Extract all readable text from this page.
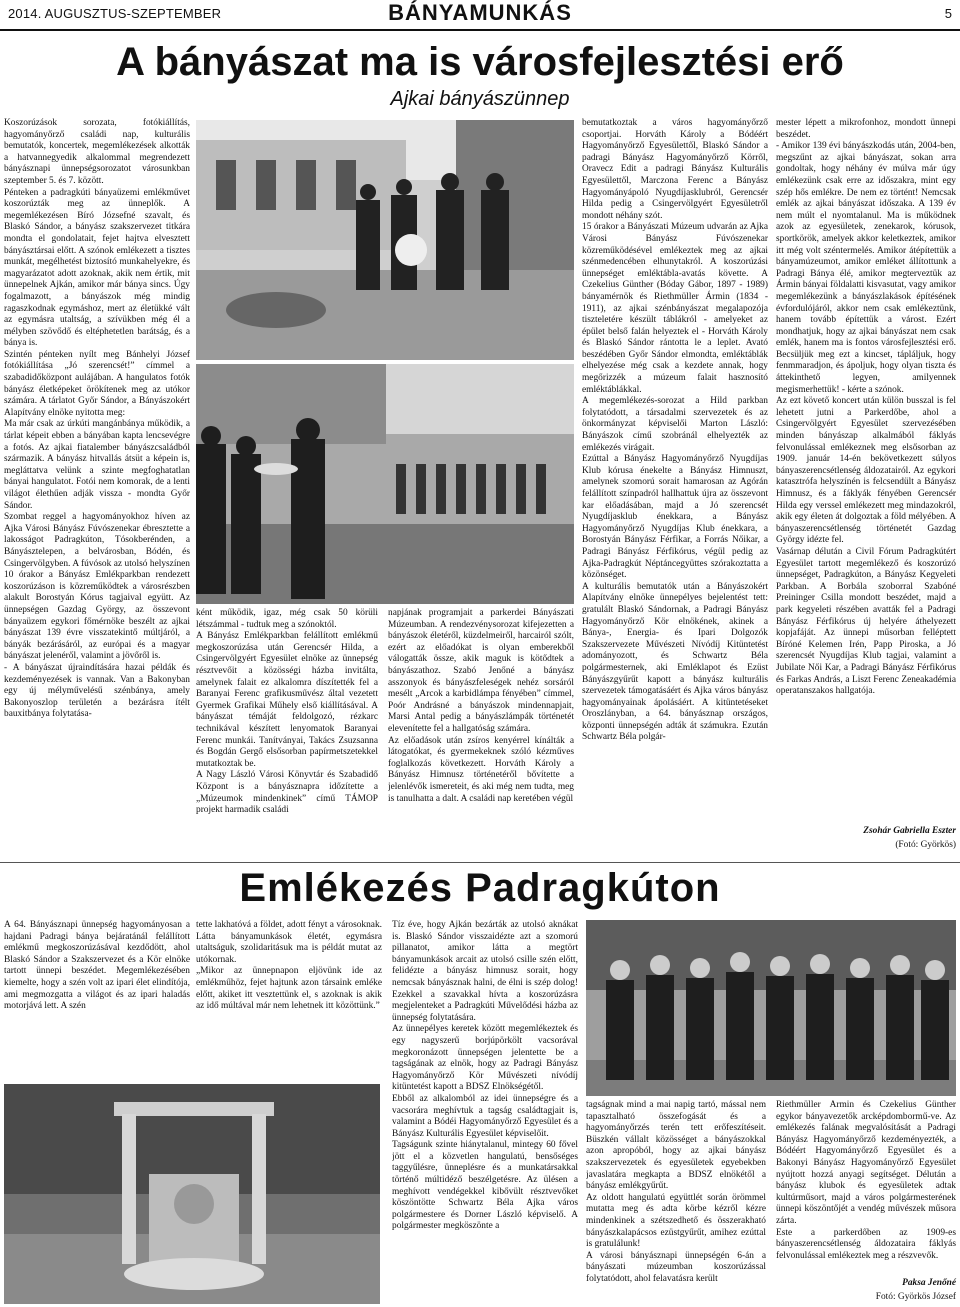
2014. AUGUSZTUS-SZEPTEMBER	BÁNYAMUNKÁS	5
A bányászat ma is városfejlesztési erő
Ajkai bányászünnep
Koszorúzások sorozata, fotókiállítás, hagyományőrző családi nap, kulturális bemutatók, koncertek, megemlékezések alkották a hatvannegyedik alkalommal megrendezett bányásznapi ünnepségsorozatot városunkban szeptember 5. és 7. között.
Pénteken a padragkúti bányaüzemi emlékművet koszorúzták meg az ünneplők. A megemlékezésen Bíró Józsefné szavalt, és Blaskó Sándor, a bányász szakszervezet titkára mondta el gondolatait, fejet hajtva elvesztett bányásztársai előtt. A szónok emlékezett a tisztes munkát, megélhetést biztosító munkahelyekre, és magyarázatot adott azoknak, akik nem értik, mit ünnepelnek Ajkán, amikor már bánya sincs. Úgy fogalmazott, a bányászok még mindig ragaszkodnak egymáshoz, mert az életükké vált az egymásra utaltság, a szívükben még él a mélyben szövődő és eltéphetetlen barátság, és a bánya is.
Szintén pénteken nyílt meg Bánhelyi József fotókiállítása „Jó szerencsét!” címmel a szabadidőközpont aulájában. A hangulatos fotók bányász életképeket örökítenek meg az utókor számára. A tárlatot Győr Sándor, a Bányászokért Alapítvány elnöke nyitotta meg:
Ma már csak az úrkúti mangánbánya működik, a tárlat képeit ebben a bányában kapta lencsevégre a fotós. Az ajkai fiatalember bányászcsaládból származik. A bányász hitvallás átsüt a képein is, megláttatva velünk a szinte megfoghatatlan bányai hangulatot. Fotói nem komorak, de a lenti világot élethűen adják vissza - mondta Győr Sándor.
Szombat reggel a hagyományokhoz híven az Ajka Városi Bányász Fúvószenekar ébresztette a lakosságot Padragkúton, Tósokberénden, a Bányásztelepen, a belvárosban, Bódén, és Csingervölgyben. A fúvósok az utolsó helyszínen 10 órakor a Bányász Emlékparkban rendezett koszorúzáson is közreműködtek a városrészben alakult Borostyán Kórus tagjaival együtt. Az ünnepségen Gazdag György, az összevont bányaüzem egykori főmérnöke beszélt az ajkai bányászat 139 évre visszatekintő múltjáról, a bányák bezárásáról, az európai és a magyar bányászat jelenéről, valamint a jövőről is.
- A bányászat újraindítására hazai példák és kezdeményezések is vannak. Van a Bakonyban egy új mélyművelésű szénbánya, amely Bakonyoszlop területén a bezárásra ítélt bauxitbánya folytatása-
ként működik, igaz, még csak 50 körüli létszámmal - tudtuk meg a szónoktól.
A Bányász Emlékparkban felállított emlékmű megkoszorúzása után Gerencsér Hilda, a Csingervölgyért Egyesület elnöke az ünnepség résztvevőit a közösségi házba invitálta, amelynek falait ez alkalomra díszítették fel a Baranyai Ferenc grafikusművész által vezetett Gyermek Grafikai Műhely első kiállításával. A bányászat témáját feldolgozó, rézkarc technikával készített lenyomatok Baranyai Ferenc munkái. Tanítványai, Takács Zsuzsanna és Bogdán Gergő elsősorban papírmetszetekkel mutatkoztak be.
A Nagy László Városi Könyvtár és Szabadidő Központ is a bányásznapra időzítette a „Múzeumok mindenkinek” című TÁMOP projekt harmadik családi
napjának programjait a parkerdei Bányászati Múzeumban. A rendezvénysorozat kifejezetten a bányászok életéről, küzdelmeiről, harcairól szólt, ezért az előadókat is olyan emberekből válogatták össze, akik maguk is kötődtek a bányászathoz. Szabó Jenőné a bányász asszonyok és bányászfeleségek nehéz sorsáról mesélt „Arcok a karbidlámpa fényében” címmel, Poór Andrásné a bányászok mindennapjait, Marsi Antal pedig a bányászlámpák történetét elevenítette fel a hallgatóság számára.
Az előadások után zsíros kenyérrel kínálták a látogatókat, és gyermekeknek szóló kézműves foglalkozás következett. Horváth Károly a Bányász Himnusz történetéről bővítette a jelenlévők ismereteit, és aki még nem tudta, meg is tanulhatta a dalt. A családi nap keretében végül
bemutatkoztak a város hagyományőrző csoportjai. Horváth Károly a Bódéért Hagyományőrző Egyesülettől, Blaskó Sándor a padragi Bányász Hagyományőrző Körről, Oravecz Edit a padragi Bányász Kulturális Egyesülettől, Marczona Ferenc a Bányász Hagyományápoló Nyugdíjasklubról, Gerencsér Hilda pedig a Csingervölgyért Egyesületről mondott néhány szót.
15 órakor a Bányászati Múzeum udvarán az Ajka Városi Bányász Fúvószenekar közreműködésével emlékeztek meg az ajkai szénmedencében elhunytakról. A koszorúzási ünnepséget emléktábla-avatás követte. A Czekelius Günther (Bóday Gábor, 1897 - 1989) bányamérnök és Riethmüller Ármin (1834 - 1911), az ajkai szénbányászat megalapozója tiszteletére készült táblákról - amelyeket az épület belső falán helyeztek el - Horváth Károly és Blaskó Sándor rántotta le a leplet. Avató beszédében Győr Sándor elmondta, emléktáblák elhelyezése még csak a kezdete annak, hogy megőrizzék a múzeum falait hasznosító emléktáblákkal.
A megemlékezés-sorozat a Hild parkban folytatódott, a társadalmi szervezetek és az önkormányzat képviselői Marton László: Bányászok című szobránál elhelyezték az emlékezés virágait.
Ezúttal a Bányász Hagyományőrző Nyugdíjas Klub kórusa énekelte a Bányász Himnuszt, amelynek szomorú sorait hamarosan az Agórán felállított színpadról hallhattuk újra az összevont kar előadásában, majd a Jó szerencsét Nyugdíjasklub énekkara, a Bányász Hagyományőrző Nyugdíjas Klub énekkara, a Borostyán Bányász Férfikar, a Forrás Nőikar, a Padragi Bányász Férfikórus, végül pedig az Ajka-Padragkút Néptáncegyüttes szórakoztatta a közönséget.
A kulturális bemutatók után a Bányászokért Alapítvány elnöke ünnepélyes bejelentést tett: gratulált Blaskó Sándornak, a Padragi Bányász Hagyományőrző Kör elnökének, akinek a Bánya-, Energia- és Ipari Dolgozók Szakszervezete Művészeti Nívódíj Kitüntetést adományozott, és Schwartz Béla polgármesternek, aki Emléklapot és Ezüst Bányászgyűrűt kapott a bányász kulturális szervezetek támogatásáért és Ajka város bányász hagyományainak ápolásáért. A kitüntetéseket Oroszlányban, a 64. bányásznap országos, központi ünnepségén adták át számukra. Ezután Schwartz Béla polgár-
mester lépett a mikrofonhoz, mondott ünnepi beszédet.
- Amikor 139 évi bányászkodás után, 2004-ben, megszűnt az ajkai bányászat, sokan arra gondoltak, hogy néhány év múlva már úgy emlékezünk csak erre az időszakra, mint egy szép hős emlékre. De nem ez történt! Nemcsak emlék az ajkai bányászat időszaka. A 139 év nem múlt el nyomtalanul. Ma is működnek azok az egyesületek, zenekarok, kórusok, sportkörök, amelyek akkor keletkeztek, amikor itt még volt széntermelés. Amikor átépítettük a bányamúzeumot, amikor emléket állítottunk a Padragi Bánya élé, amikor megterveztük az Ármin bányai földalatti kisvasutat, vagy amikor megemlékezünk a bányászlakások építésének évfordulójáról, akkor nem csak emlékeztünk, hanem tovább építettük a várost. Ezért mondhatjuk, hogy az ajkai bányászat nem csak emlék, hanem ma is fontos városfejlesztési erő. Becsüljük meg ezt a kincset, tápláljuk, hogy fenmmaradjon, és ápoljuk, hogy olyan tiszta és áttekinthető legyen, amilyennek megismerhettük! - kérte a szónok.
Az ezt követő koncert után külön busszal is fel lehetett jutni a Parkerdőbe, ahol a Csingervölgyért Egyesület szervezésében minden bányászap alkalmából fáklyás felvonulással emlékeznek meg elsősorban az 1909. január 14-én bekövetkezett súlyos bányaszerencsétlenség áldozatairól. Az egykori katasztrófa helyszínén is felcsendült a Bányász Himnusz, és a fáklyák fényében Gerencsér Hilda egy verssel emlékezett meg mindazokról, akik egy életen át dolgoztak a föld mélyében. A bányaszerencsétlenség történetét Gazdag György idézte fel.
Vasárnap délután a Civil Fórum Padragkútért Egyesület tartott megemlékező és koszorúzó ünnepséget, Padragkúton, a Bányász Kegyeleti Parkban. A Borbála szoborral Szabóné Preininger Csilla mondott beszédet, majd a park kegyeleti részében avatták fel a Padragi Bányász Férfikórus új helyére áthelyezett kopjafáját. Az ünnepi műsorban felléptett Bíróné Kelemen Irén, Papp Piroska, a Jó szerencsét Nyugdíjas Klub tagjai, valamint a Jubilate Női Kar, a Padragi Bányász Férfikórus és Farkas András, a Liszt Ferenc Zeneakadémia operatanszakos hallgatója.
Zsohár Gabriella Eszter
(Fotó: Györkös)
Emlékezés Padragkúton
A 64. Bányásznapi ünnepség hagyományosan a hajdani Padragi bánya bejáratánál felállított emlékmű megkoszorúzásával kezdődött, ahol Blaskó Sándor a Szakszervezet és a Kör elnöke tartott ünnepi beszédet. Megemlékezésében kiemelte, hogy a szén volt az ipari élet elindítója, ami megmozgatta a világot és az ipari haladás motorjává lett. A szén
tette lakhatóvá a földet, adott fényt a városoknak. Látta bányamunkások életét, egymásra utaltságuk, szolidaritásuk ma is példát mutat az utókornak.
„Mikor az ünnepnapon eljövünk ide az emlékműhöz, fejet hajtunk azon társaink emléke előtt, akiket itt vesztettünk el, s azoknak is akik az idő múltával már nem lehetnek itt közöttünk.”
Tíz éve, hogy Ajkán bezárták az utolsó aknákat is. Blaskó Sándor visszaidézte azt a szomorú pillanatot, amikor látta a megtört bányamunkások arcait az utolsó csille szén előtt, felidézte a bányász himnusz sorait, hogy nemcsak bányásznak halni, de élni is szép dolog! Ezekkel a szavakkal hívta a koszorúzásra megjelenteket a Padragkúti Művelődési házba az ünnepség folytatására.
Az ünnepélyes keretek között megemlékeztek és egy nagyszerű borjúpörkölt vacsorával megkoronázott ünnepségen jelentette be a tagságának az elnök, hogy az Padragi Bányász Hagyományőrző Kör Művészeti nívódíj kitüntetést kapott a BDSZ Elnökségétől.
Ebből az alkalomból az idei ünnepségre és a vacsorára meghívtuk a tagság családtagjait is, valamint a Bódéi Hagyományőrző Egyesület és a Bányász Kulturális Egyesület képviselőit.
Tagságunk szinte hiánytalanul, mintegy 60 fővel jött el a közvetlen hangulatú, bensőséges taggyűlésre, ünneplésre és a munkatársakkal történő múltidéző beszélgetésre. Az ülésen a meghívott vendégekkel kibővült résztvevőket köszöntötte Schwartz Béla Ajka város polgármestere és Dorner László képviselő. A polgármester megköszönte a
tagságnak mind a mai napig tartó, mással nem tapasztalható összefogását és a hagyományőrzés terén tett erőfeszítéseit. Büszkén vállalt közösséget a bányászokkal azon apropóból, hogy az ajkai bányász szakszervezetek és egyesületek egyebekben javaslatára megkapta a BDSZ elnökétől a bányász emlékgyűrűt.
Az oldott hangulatú együttlét során örömmel mutatta meg és adta körbe kézről kézre mindenkinek a szétszedhető és összerakható bányászkalapácsos ezüstgyűrűt, amihez ezúttal is gratulálunk!
A városi bányásznapi ünnepségén 6-án a bányászati múzeumban koszorúzással folytatódott, ahol felavatásra került
Riethmüller Ármin és Czekelius Günther egykor bányavezetők arcképdombormű-ve. Az emlékezés falának megvalósítását a Padragi Bányász Hagyományőrző kezdeményezték, a Bódéért Hagyományőrző Egyesület és a Bakonyi Bányász Hagyományőrző Egyesület nyújtott hozzá anyagi segítséget. Délután a bányász klubok és egyesületek adtak kultúrműsort, majd a város polgármesterének ünnepi köszöntőjét a vendég művészek műsora zárta.
Este a parkerdőben az 1909-es bányaszerencsétlenség áldozataira fáklyás felvonulással emlékeztek meg a részvevők.
Paksa Jenőné
Fotó: Györkös József
